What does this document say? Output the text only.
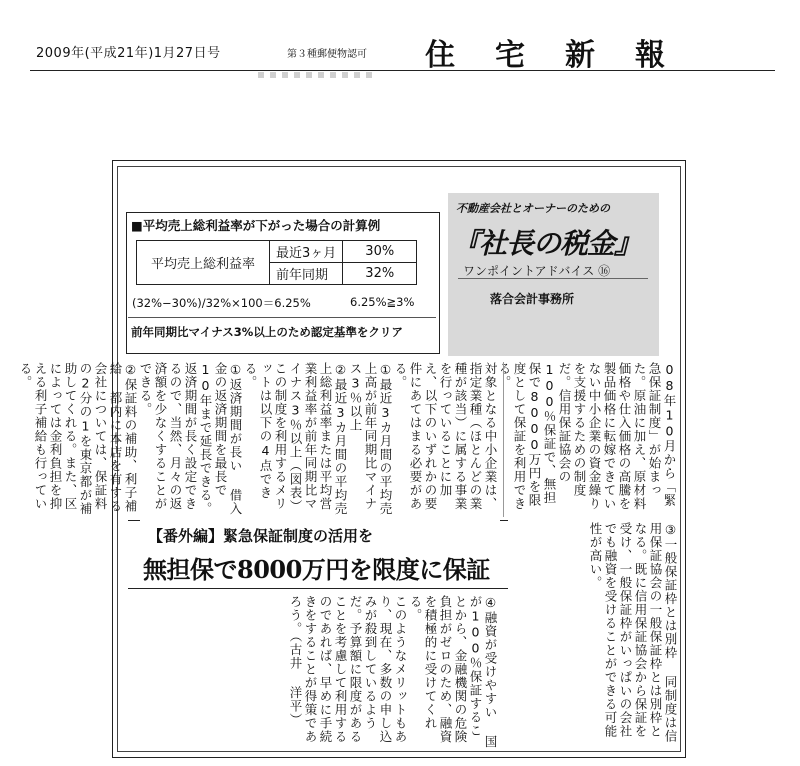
2009年(平成21年)1月27日号	第３種郵便物認可 住宅新報
不動産会社とオーナーのための
『社長の税金』
ワンポイントアドバイス ⑯
落合会計事務所
■平均売上総利益率が下がった場合の計算例
平均売上総利益率	最近3ヶ月	30%
	前年同期	32%
(32%−30%)/32%×100＝6.25%	6.25%≧3%
前年同期比マイナス3%以上のため認定基準をクリア
08年10月から「緊急保証制度」が始まった。原油に加え、原材料価格や仕入価格の高騰を製品価格に転嫁できていない中小企業の資金繰りを支援するための制度だ。信用保証協会の100％保証で、無担保で8000万円を限度として保証を利用できる。
対象となる中小企業は、指定業種（ほとんどの業種が該当）に属する事業を行っていることに加え、以下のいずれかの要件にあてはまる必要がある。
①最近3カ月間の平均売上高が前年同期比マイナス3％以上
②最近3カ月間の平均売上総利益率または平均営業利益率が前年同期比マイナス3％以上（図表）
この制度を利用するメリットは以下の4点できる。
①返済期間が長い 借入金の返済期間を最長で10年まで延長できる。返済期間が長く設定できるので、当然、月々の返済額を少なくすることができる。
②保証料の補助、利子補給 都内に本店を有する会社については、保証料の2分の1を東京都が補助してくれる。また、区によっては金利負担を抑える利子補給も行っている。
【番外編】緊急保証制度の活用を
無担保で8000万円を限度に保証	③一般保証枠とは別枠 同制度は信用保証協会の一般保証枠とは別枠となる。既に信用保証協会から保証を受け、一般保証枠がいっぱいの会社でも融資を受けることができる可能性が高い。
④融資が受けやすい 国が100％保証することから、金融機関の危険負担がゼロのため、融資を積極的に受けてくれる。
このようなメリットもあり、現在、多数の申し込みが殺到しているようだ。予算額に限度があることを考慮して利用するのであれば、早めに手続きをすることが得策であろう。（古井 洋平）
